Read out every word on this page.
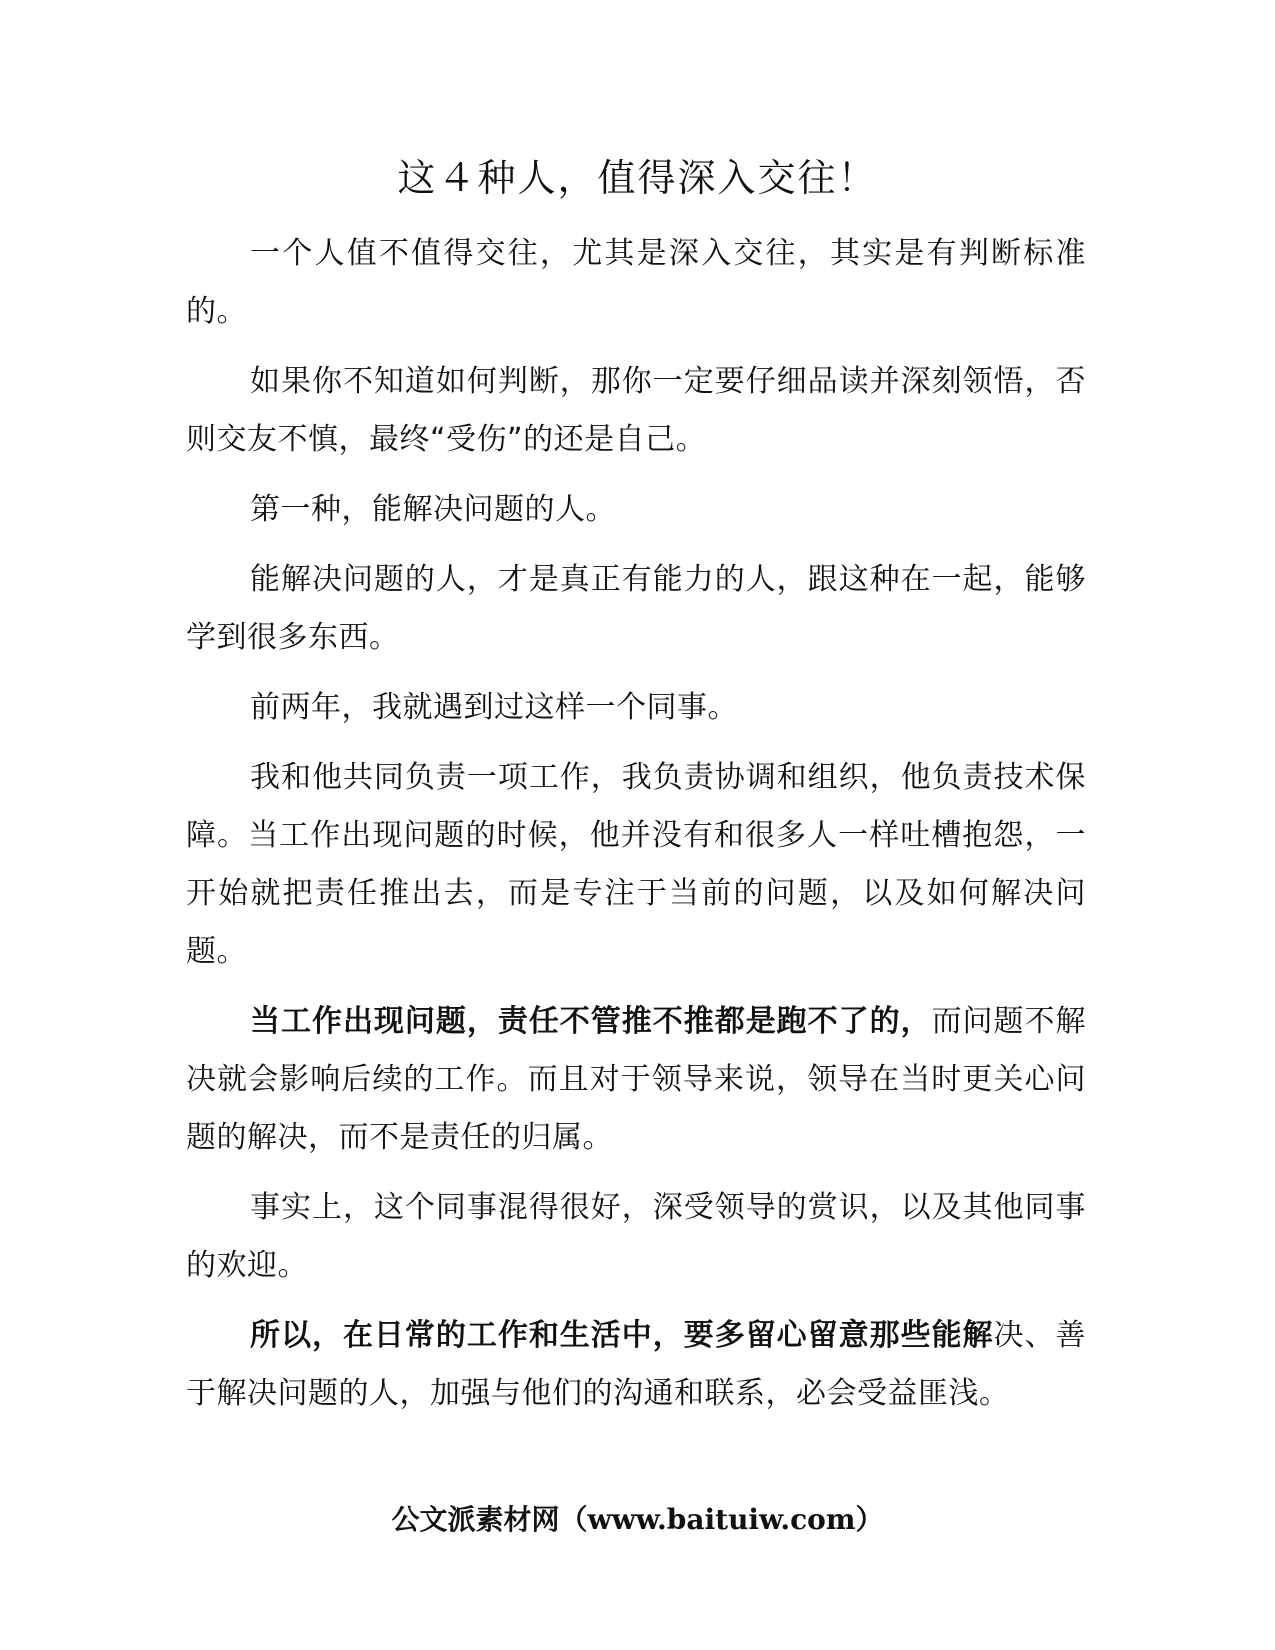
这４种人，值得深入交往！

一个人值不值得交往，尤其是深入交往，其实是有判断标准的。

如果你不知道如何判断，那你一定要仔细品读并深刻领悟，否则交友不慎，最终“受伤”的还是自己。

第一种，能解决问题的人。

能解决问题的人，才是真正有能力的人，跟这种在一起，能够学到很多东西。

前两年，我就遇到过这样一个同事。

我和他共同负责一项工作，我负责协调和组织，他负责技术保障。当工作出现问题的时候，他并没有和很多人一样吐槽抱怨，一开始就把责任推出去，而是专注于当前的问题，以及如何解决问题。

当工作出现问题，责任不管推不推都是跑不了的，而问题不解决就会影响后续的工作。而且对于领导来说，领导在当时更关心问题的解决，而不是责任的归属。

事实上，这个同事混得很好，深受领导的赏识，以及其他同事的欢迎。

所以，在日常的工作和生活中，要多留心留意那些能解决、善于解决问题的人，加强与他们的沟通和联系，必会受益匪浅。

公文派素材网（www.baituiw.com）
